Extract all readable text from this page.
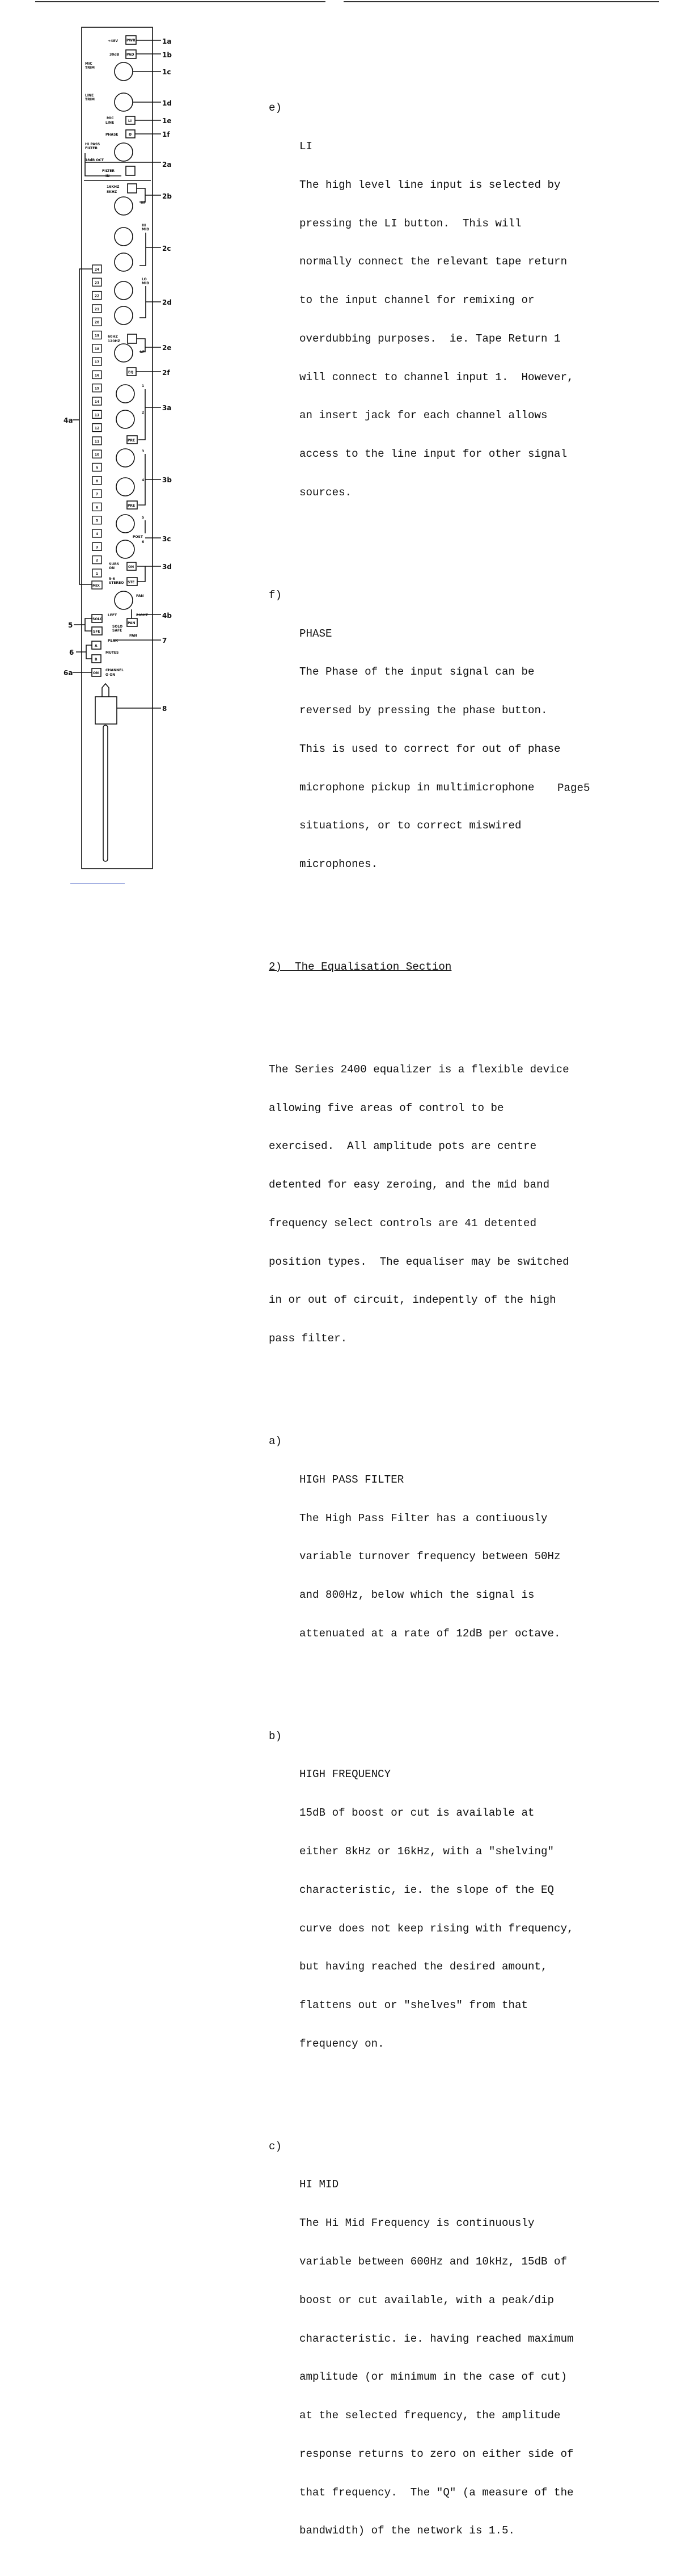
1a
1b
1c
1d
1e
1f
2a
2b
2c
2d
2e
2f
3a
3b
3c
3d
4a
4b
5
6
6a
7
8
+48V
30dB
MIC
TRIM
LINE
TRIM
MIC
LINE
PHASE
HI PASS
FILTER
18dB OCT
FILTER
IN
16KHZ
8KHZ
HF
HI
MID
LO
MID
60HZ
120HZ
LF
1
2
3
4
5
POST
6
SUBS
ON
5-6
STEREO
PAN
LEFT	RIGHT
SOLO
SAFE
PAN
PEAK
MUTES
CHANNEL
O ON
PWR
PAD
LI
Ø
EQ
PRE
PRE
ON
STE
MIX
SOLO
SFE
PAN
A
B
ON
24
23
22
21
20
19
18
17
16
15
14
13
12
11
10
9
8
7
6
5
4
3
2
1

e)

LI

The high level line input is selected by

pressing the LI button.  This will

normally connect the relevant tape return

to the input channel for remixing or

overdubbing purposes.  ie. Tape Return 1

will connect to channel input 1.  However,

an insert jack for each channel allows

access to the line input for other signal

sources.

f)

PHASE

The Phase of the input signal can be

reversed by pressing the phase button.

This is used to correct for out of phase

microphone pickup in multimicrophone

situations, or to correct miswired

microphones.

2)  The Equalisation Section

The Series 2400 equalizer is a flexible device

allowing five areas of control to be

exercised.  All amplitude pots are centre

detented for easy zeroing, and the mid band

frequency select controls are 41 detented

position types.  The equaliser may be switched

in or out of circuit, indepently of the high

pass filter.

a)

HIGH PASS FILTER

The High Pass Filter has a contiuously

variable turnover frequency between 50Hz

and 800Hz, below which the signal is

attenuated at a rate of 12dB per octave.

b)

HIGH FREQUENCY

15dB of boost or cut is available at

either 8kHz or 16kHz, with a "shelving"

characteristic, ie. the slope of the EQ

curve does not keep rising with frequency,

but having reached the desired amount,

flattens out or "shelves" from that

frequency on.

c)

HI MID

The Hi Mid Frequency is continuously

variable between 600Hz and 10kHz, 15dB of

boost or cut available, with a peak/dip

characteristic. ie. having reached maximum

amplitude (or minimum in the case of cut)

at the selected frequency, the amplitude

response returns to zero on either side of

that frequency.  The "Q" (a measure of the

bandwidth) of the network is 1.5.

Page5
